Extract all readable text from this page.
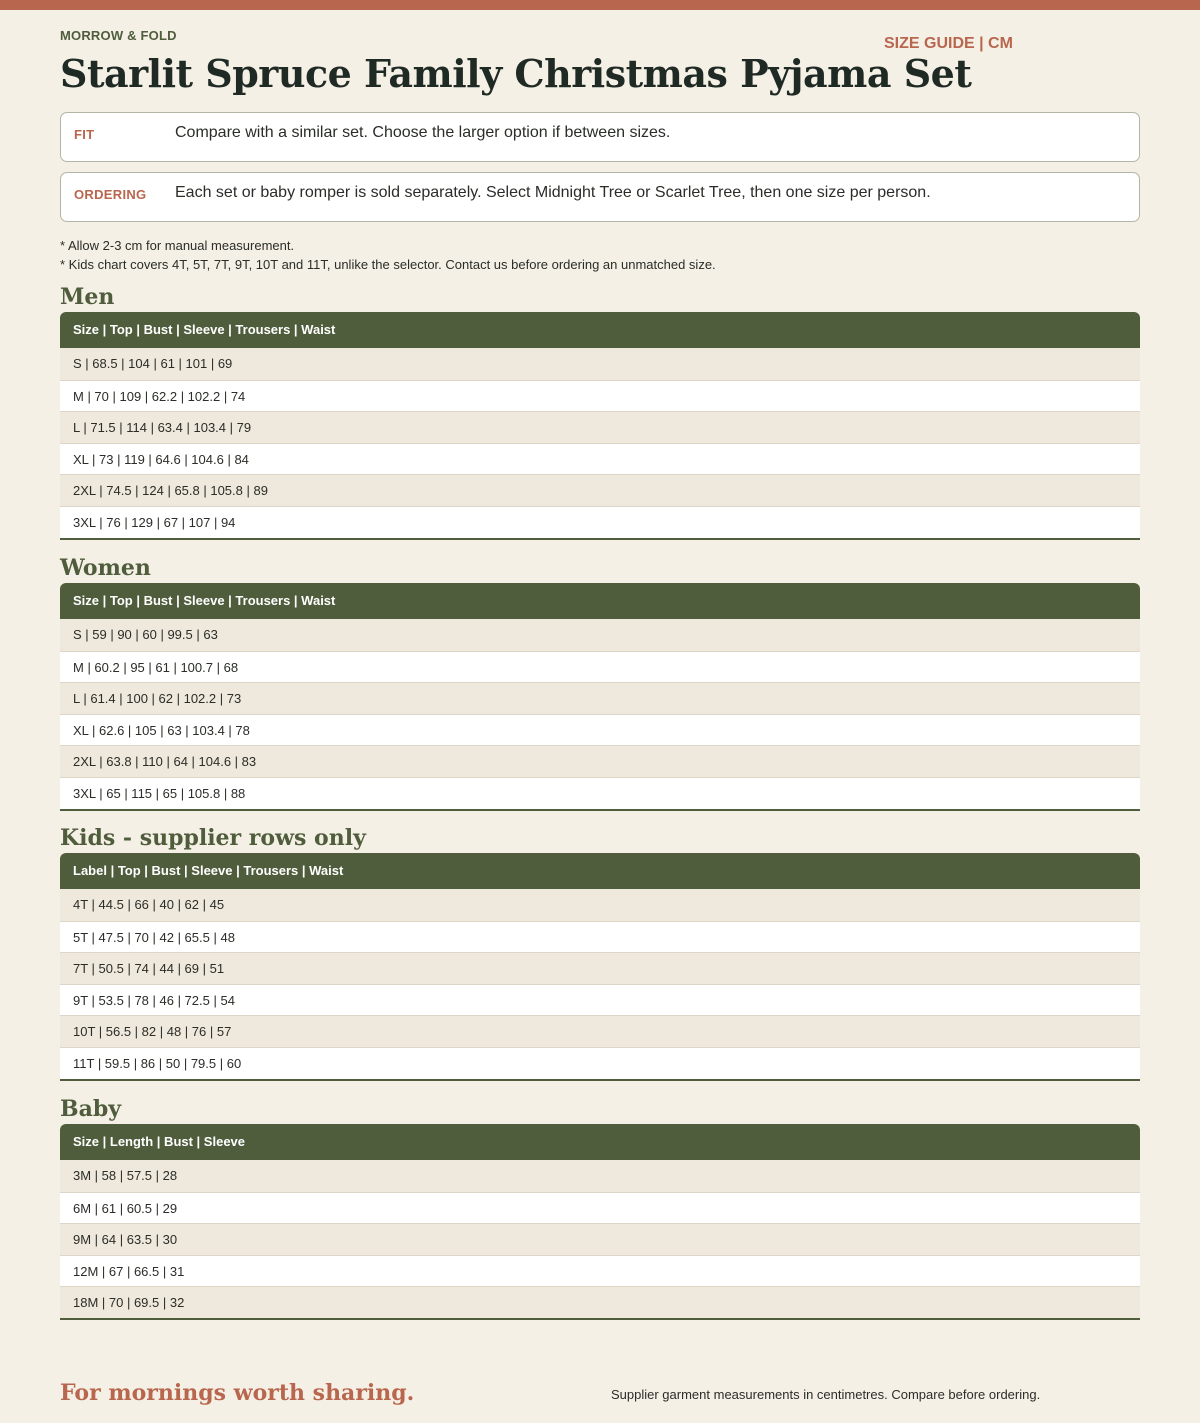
MORROW & FOLD	SIZE GUIDE | CM
Starlit Spruce Family Christmas Pyjama Set
FIT	Compare with a similar set. Choose the larger option if between sizes.
ORDERING Each set or baby romper is sold separately. Select Midnight Tree or Scarlet Tree, then one size per person.
* Allow 2-3 cm for manual measurement.
* Kids chart covers 4T, 5T, 7T, 9T, 10T and 11T, unlike the selector. Contact us before ordering an unmatched size.
Men
Size | Top | Bust | Sleeve | Trousers | Waist
S | 68.5 | 104 | 61 | 101 | 69
M | 70 | 109 | 62.2 | 102.2 | 74
L | 71.5 | 114 | 63.4 | 103.4 | 79
XL | 73 | 119 | 64.6 | 104.6 | 84
2XL | 74.5 | 124 | 65.8 | 105.8 | 89
3XL | 76 | 129 | 67 | 107 | 94
Women
Size | Top | Bust | Sleeve | Trousers | Waist
S | 59 | 90 | 60 | 99.5 | 63
M | 60.2 | 95 | 61 | 100.7 | 68
L | 61.4 | 100 | 62 | 102.2 | 73
XL | 62.6 | 105 | 63 | 103.4 | 78
2XL | 63.8 | 110 | 64 | 104.6 | 83
3XL | 65 | 115 | 65 | 105.8 | 88
Kids - supplier rows only
Label | Top | Bust | Sleeve | Trousers | Waist
4T | 44.5 | 66 | 40 | 62 | 45
5T | 47.5 | 70 | 42 | 65.5 | 48
7T | 50.5 | 74 | 44 | 69 | 51
9T | 53.5 | 78 | 46 | 72.5 | 54
10T | 56.5 | 82 | 48 | 76 | 57
11T | 59.5 | 86 | 50 | 79.5 | 60
Baby
Size | Length | Bust | Sleeve
3M | 58 | 57.5 | 28
6M | 61 | 60.5 | 29
9M | 64 | 63.5 | 30
12M | 67 | 66.5 | 31
18M | 70 | 69.5 | 32
For mornings worth sharing.	Supplier garment measurements in centimetres. Compare before ordering.
